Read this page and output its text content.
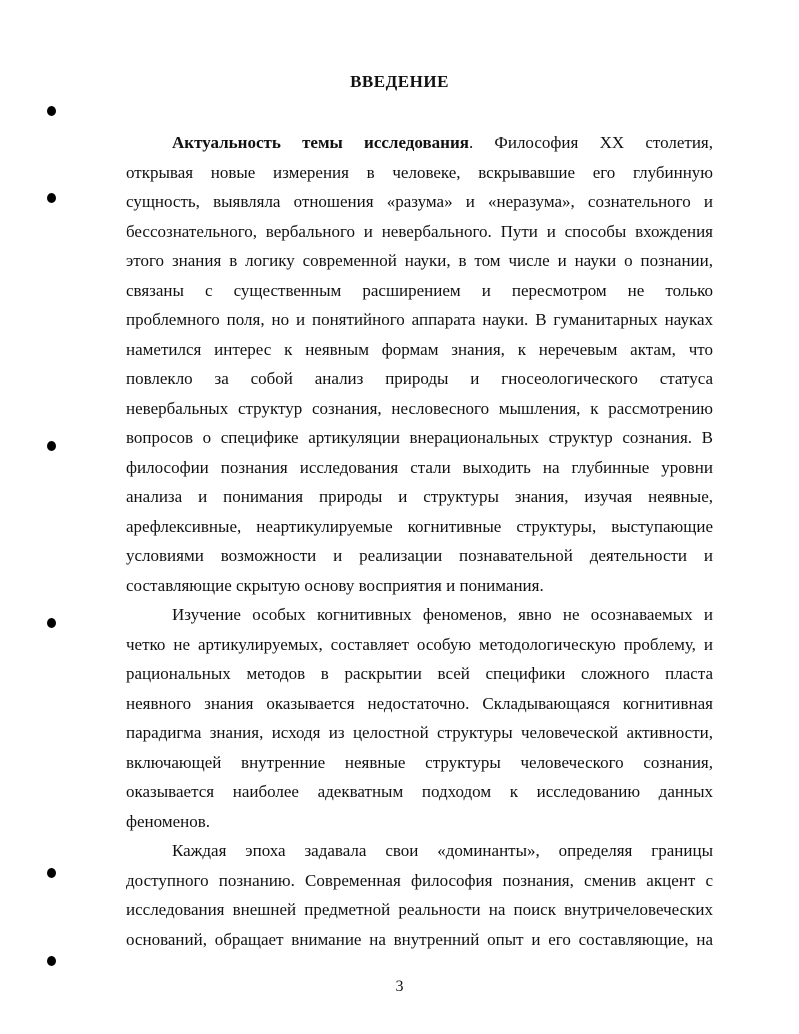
ВВЕДЕНИЕ
Актуальность темы исследования. Философия XX столетия,
открывая новые измерения в человеке, вскрывавшие его глубинную
сущность, выявляла отношения «разума» и «неразума», сознательного и
бессознательного, вербального и невербального. Пути и способы вхождения
этого знания в логику современной науки, в том числе и науки о познании,
связаны с существенным расширением и пересмотром не только
проблемного поля, но и понятийного аппарата науки. В гуманитарных науках
наметился интерес к неявным формам знания, к неречевым актам, что
повлекло за собой анализ природы и гносеологического статуса
невербальных структур сознания, несловесного мышления, к рассмотрению
вопросов о специфике артикуляции внерациональных структур сознания. В
философии познания исследования стали выходить на глубинные уровни
анализа и понимания природы и структуры знания, изучая неявные,
арефлексивные, неартикулируемые когнитивные структуры, выступающие
условиями возможности и реализации познавательной деятельности и
составляющие скрытую основу восприятия и понимания.
Изучение особых когнитивных феноменов, явно не осознаваемых и
четко не артикулируемых, составляет особую методологическую проблему, и
рациональных методов в раскрытии всей специфики сложного пласта
неявного знания оказывается недостаточно. Складывающаяся когнитивная
парадигма знания, исходя из целостной структуры человеческой активности,
включающей внутренние неявные структуры человеческого сознания,
оказывается наиболее адекватным подходом к исследованию данных
феноменов.
Каждая эпоха задавала свои «доминанты», определяя границы
доступного познанию. Современная философия познания, сменив акцент с
исследования внешней предметной реальности на поиск внутричеловеческих
оснований, обращает внимание на внутренний опыт и его составляющие, на
3
